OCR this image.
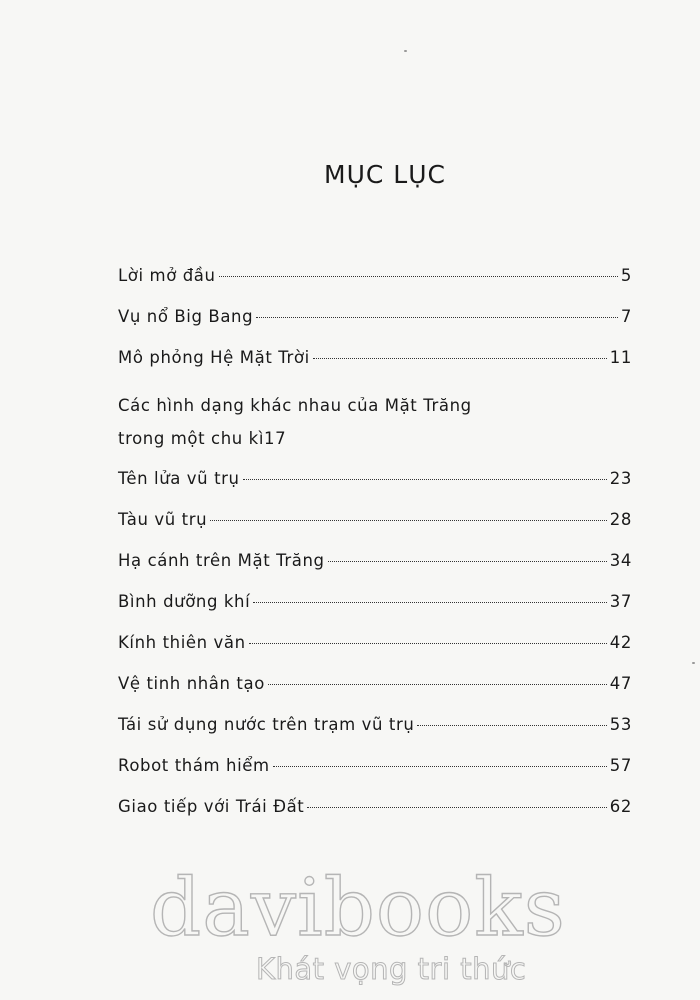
MỤC LỤC
Lời mở đầu	5
Vụ nổ Big Bang	7
Mô phỏng Hệ Mặt Trời	11
Các hình dạng khác nhau của Mặt Trăng
trong một chu kì 17
Tên lửa vũ trụ	23
Tàu vũ trụ	28
Hạ cánh trên Mặt Trăng	34
Bình dưỡng khí	37
Kính thiên văn	42
Vệ tinh nhân tạo	47
Tái sử dụng nước trên trạm vũ trụ	53
Robot thám hiểm	57
Giao tiếp với Trái Đất	62
davibooks
Khát vọng tri thức
